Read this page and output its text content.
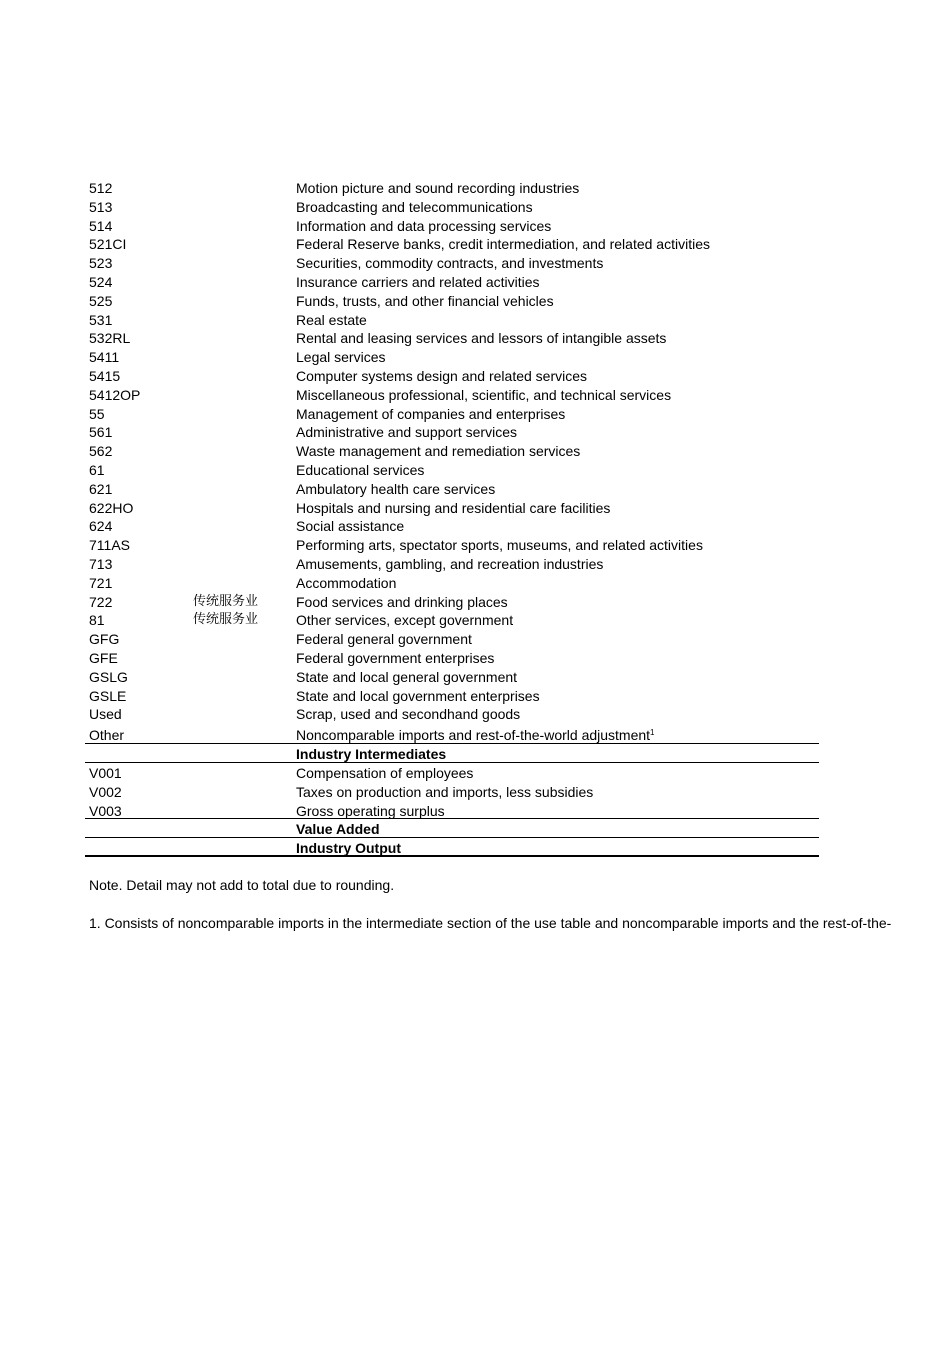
512	Motion picture and sound recording industries
513	Broadcasting and telecommunications
514	Information and data processing services
521CI	Federal Reserve banks, credit intermediation, and related activities
523	Securities, commodity contracts, and investments
524	Insurance carriers and related activities
525	Funds, trusts, and other financial vehicles
531	Real estate
532RL	Rental and leasing services and lessors of intangible assets
5411	Legal services
5415	Computer systems design and related services
5412OP	Miscellaneous professional, scientific, and technical services
55	Management of companies and enterprises
561	Administrative and support services
562	Waste management and remediation services
61	Educational services
621	Ambulatory health care services
622HO	Hospitals and nursing and residential care facilities
624	Social assistance
711AS	Performing arts, spectator sports, museums, and related activities
713	Amusements, gambling, and recreation industries
721	Accommodation
722	传统服务业	Food services and drinking places
81	传统服务业	Other services, except government
GFG	Federal general government
GFE	Federal government enterprises
GSLG	State and local general government
GSLE	State and local government enterprises
Used	Scrap, used and secondhand goods
Other	Noncomparable imports and rest-of-the-world adjustment$^1$
Industry Intermediates
V001	Compensation of employees
V002	Taxes on production and imports, less subsidies
V003	Gross operating surplus
Value Added
Industry Output
Note. Detail may not add to total due to rounding.
1. Consists of noncomparable imports in the intermediate section of the use table and noncomparable imports and the rest-of-the-
